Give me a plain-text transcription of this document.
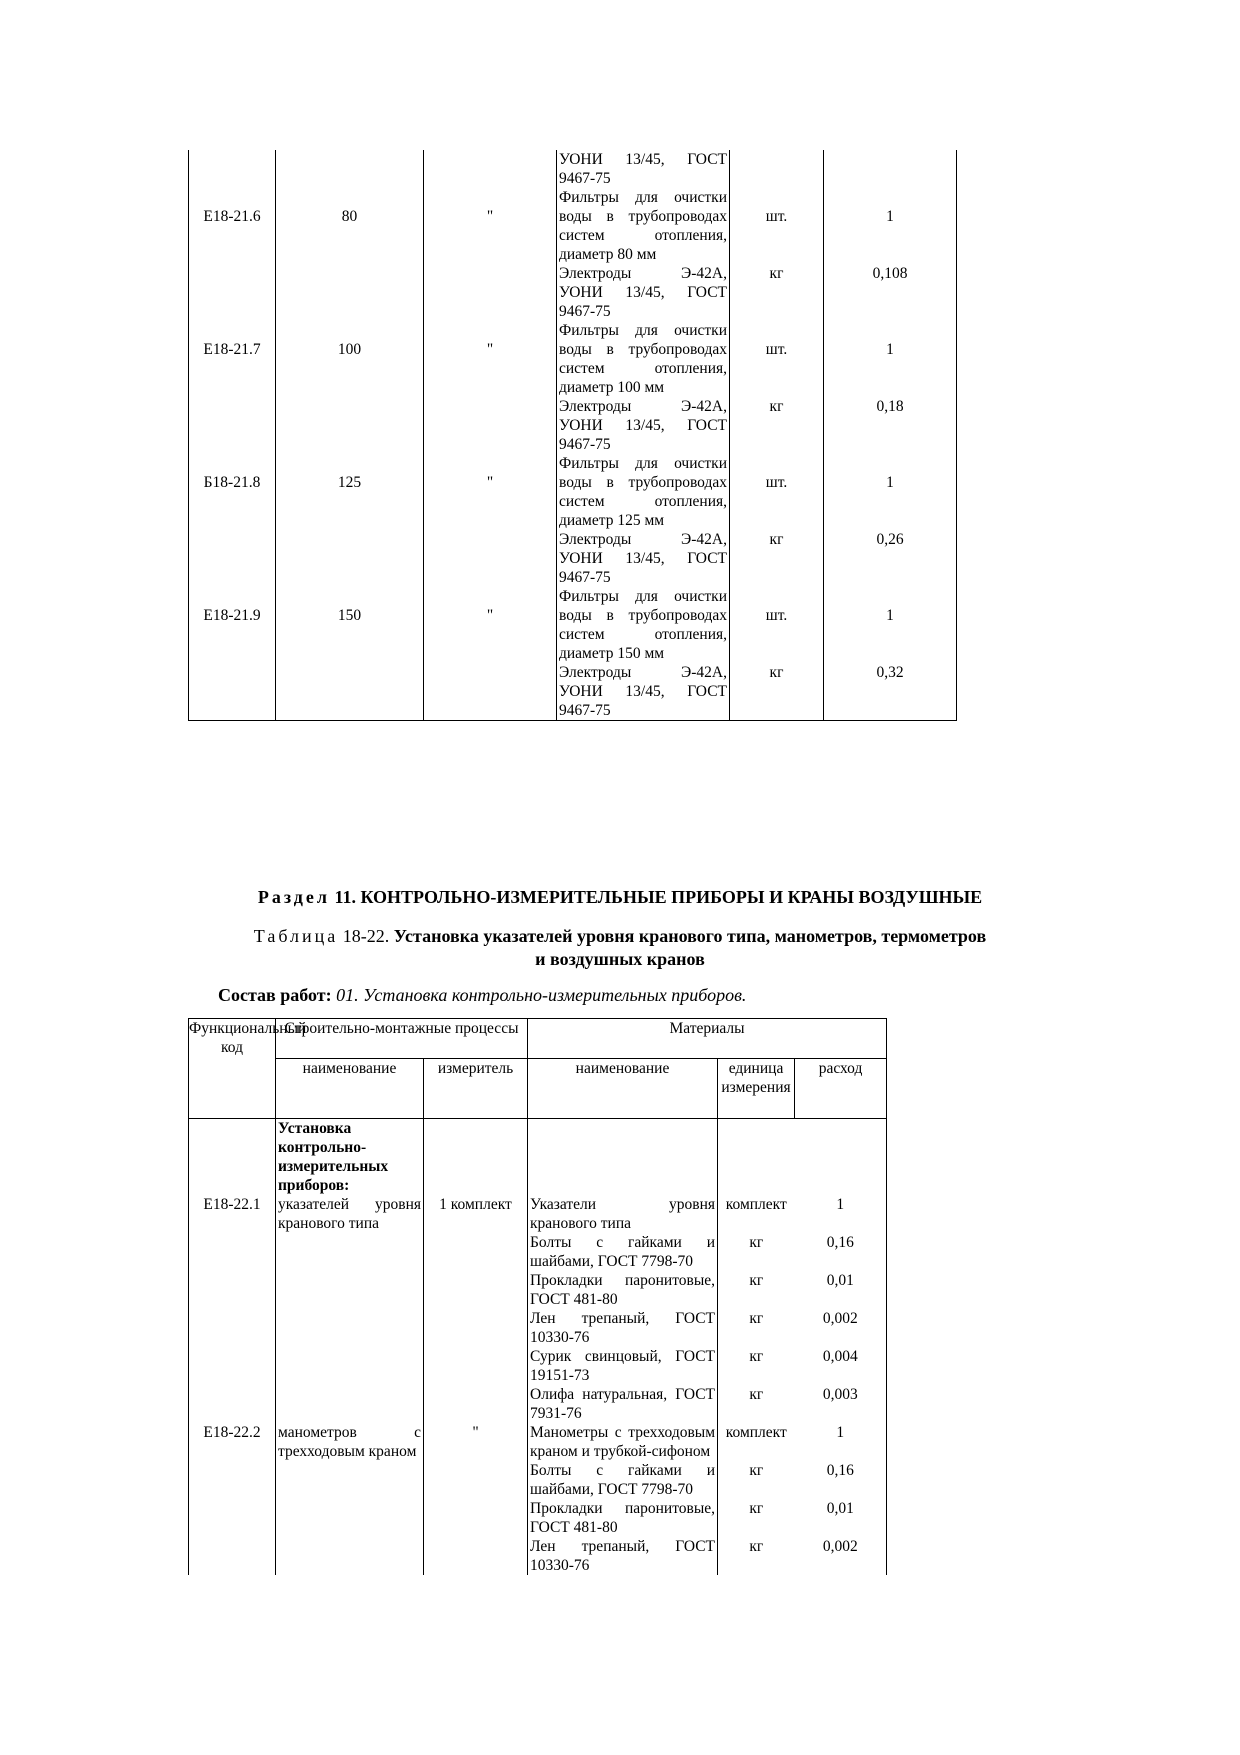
			УОНИ 13/45, ГОСТ
9467-75		

Е18-21.6	80	"	Фильтры для очистки
воды в трубопроводах
систем отопления,
диаметр 80 мм	шт.	1

			Электроды Э-42А,
УОНИ 13/45, ГОСТ
9467-75	кг	0,108
Е18-21.7	100	"	Фильтры для очистки
воды в трубопроводах
систем отопления,
диаметр 100 мм	шт.	1

			Электроды Э-42А,
УОНИ 13/45, ГОСТ
9467-75	кг	0,18
Б18-21.8	125	"	Фильтры для очистки
воды в трубопроводах
систем отопления,
диаметр 125 мм	шт.	1

			Электроды Э-42А,
УОНИ 13/45, ГОСТ
9467-75	кг	0,26
Е18-21.9	150	"	Фильтры для очистки
воды в трубопроводах
систем отопления,
диаметр 150 мм	шт.	1

			Электроды Э-42А,
УОНИ 13/45, ГОСТ
9467-75	кг	0,32
Раздел 11. КОНТРОЛЬНО-ИЗМЕРИТЕЛЬНЫЕ ПРИБОРЫ И КРАНЫ ВОЗДУШНЫЕ
Таблица 18-22. Установка указателей уровня кранового типа, манометров, термометров
и воздушных кранов
Состав работ: 01. Установка контрольно-измерительных приборов.
Функциональный код	Строительно-монтажные процессы		Материалы		
	наименование	измеритель	наименование	единица измерения	расход
	Установка контрольно-измерительных приборов:				
Е18-22.1	указателей уровня кранового типа	1 комплект	Указатели уровня кранового типа	комплект	1
			Болты с гайками и шайбами, ГОСТ 7798-70	кг	0,16
			Прокладки паронитовые, ГОСТ 481-80	кг	0,01
			Лен трепаный, ГОСТ 10330-76	кг	0,002
			Сурик свинцовый, ГОСТ 19151-73	кг	0,004
			Олифа натуральная, ГОСТ 7931-76	кг	0,003
Е18-22.2	манометров с трехходовым краном	"	Манометры с трехходовым краном и трубкой-сифоном	комплект	1
			Болты с гайками и шайбами, ГОСТ 7798-70	кг	0,16
			Прокладки паронитовые, ГОСТ 481-80	кг	0,01
			Лен трепаный, ГОСТ 10330-76	кг	0,002
